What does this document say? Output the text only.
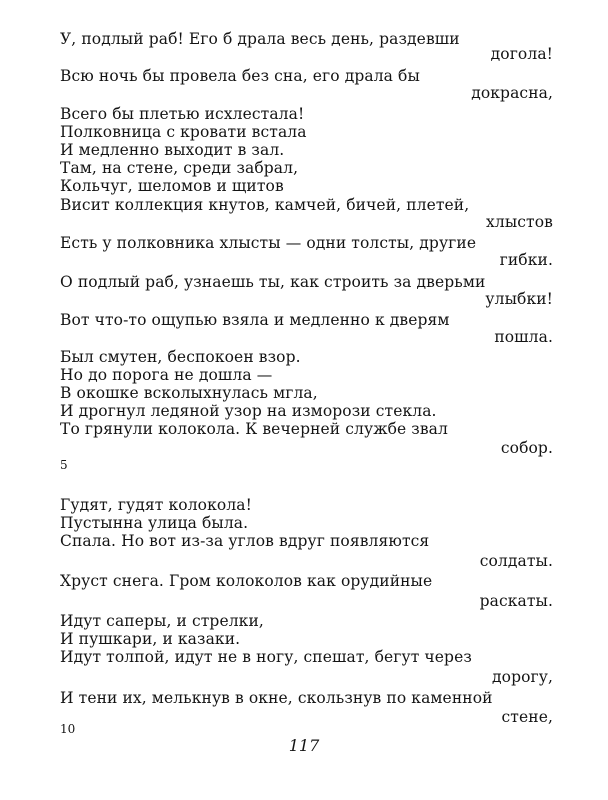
У, подлый раб! Его б драла весь день, раздевши
догола!
Всю ночь бы провела без сна, его драла бы
докрасна,
Всего бы плетью исхлестала!
Полковница с кровати встала
И медленно выходит в зал.
Там, на стене, среди забрал,
Кольчуг, шеломов и щитов
Висит коллекция кнутов, камчей, бичей, плетей,
хлыстов
Есть у полковника хлысты — одни толсты, другие
гибки.
О подлый раб, узнаешь ты, как строить за дверьми
улыбки!
Вот что-то ощупью взяла и медленно к дверям
пошла.
Был смутен, беспокоен взор.
Но до порога не дошла —
В окошке всколыхнулась мгла,
И дрогнул ледяной узор на изморози стекла.
То грянули колокола. К вечерней службе звал
собор.
5
Гудят, гудят колокола!
Пустынна улица была.
Спала. Но вот из-за углов вдруг появляются
солдаты.
Хруст снега. Гром колоколов как орудийные
раскаты.
Идут саперы, и стрелки,
И пушкари, и казаки.
Идут толпой, идут не в ногу, спешат, бегут через
дорогу,
И тени их, мелькнув в окне, скользнув по каменной
стене,
10
117
